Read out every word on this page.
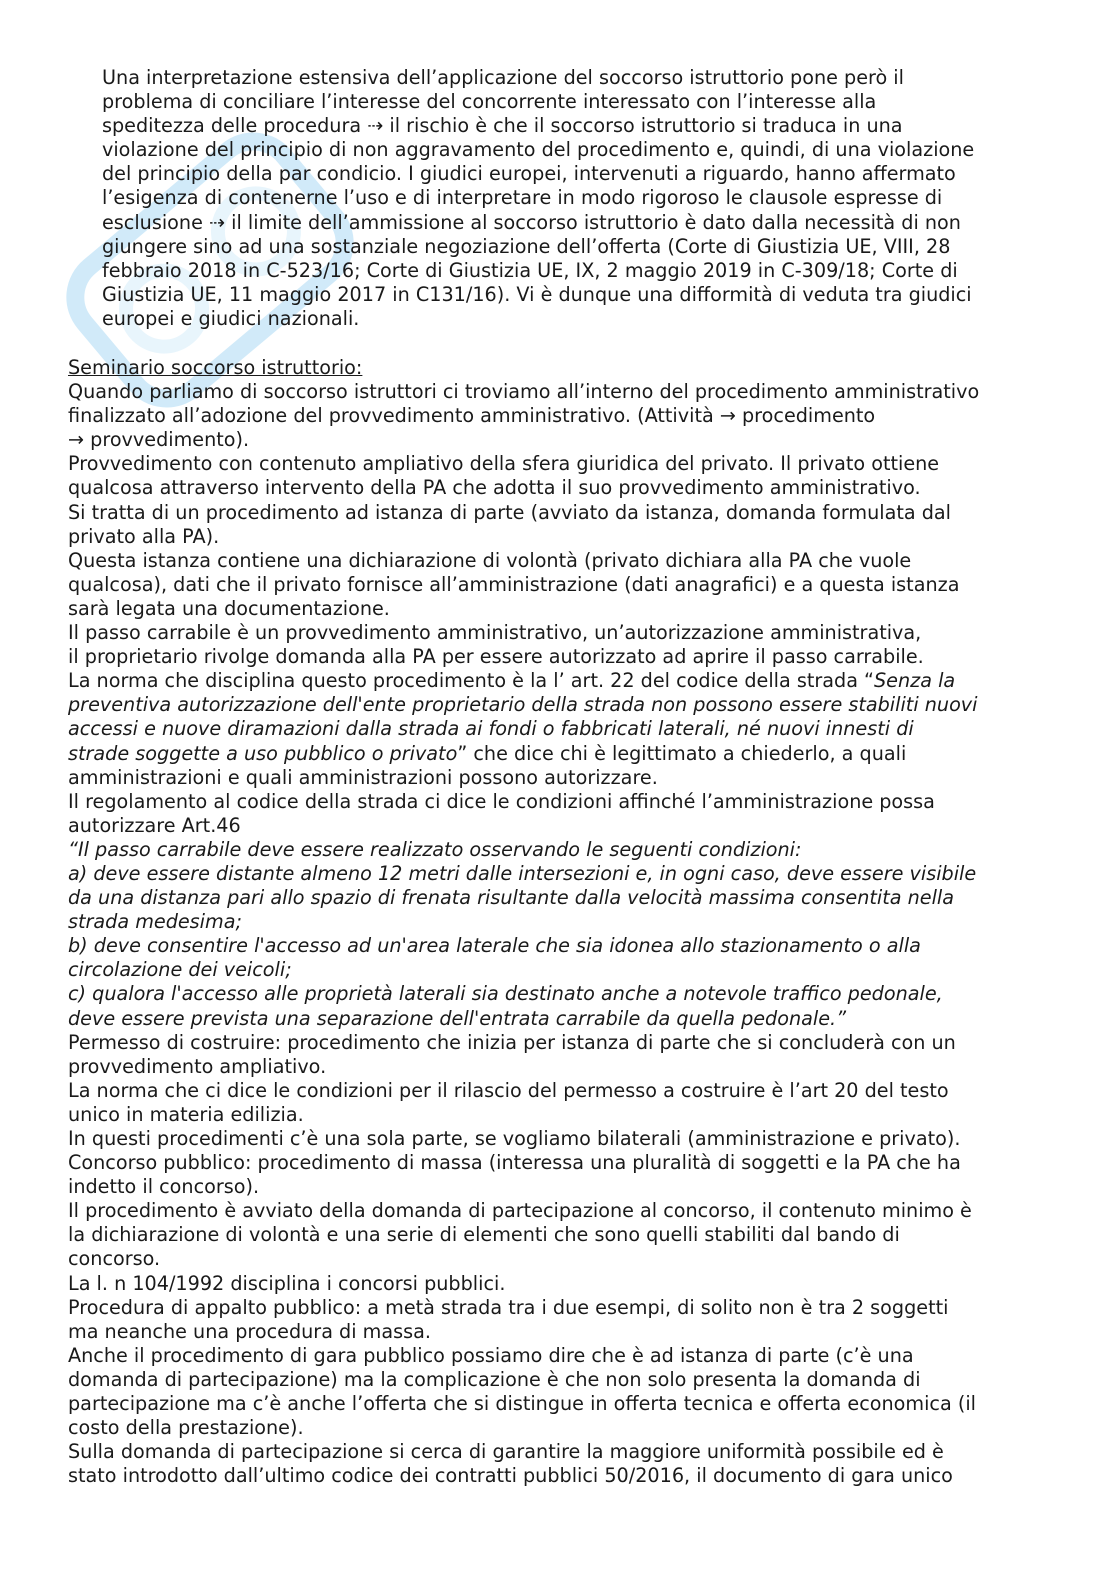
Una interpretazione estensiva dell’applicazione del soccorso istruttorio pone però il
problema di conciliare l’interesse del concorrente interessato con l’interesse alla
speditezza delle procedura ⇢ il rischio è che il soccorso istruttorio si traduca in una
violazione del principio di non aggravamento del procedimento e, quindi, di una violazione
del principio della par condicio. I giudici europei, intervenuti a riguardo, hanno affermato
l’esigenza di contenerne l’uso e di interpretare in modo rigoroso le clausole espresse di
esclusione ⇢ il limite dell’ammissione al soccorso istruttorio è dato dalla necessità di non
giungere sino ad una sostanziale negoziazione dell’offerta (Corte di Giustizia UE, VIII, 28
febbraio 2018 in C-523/16; Corte di Giustizia UE, IX, 2 maggio 2019 in C-309/18; Corte di
Giustizia UE, 11 maggio 2017 in C131/16). Vi è dunque una difformità di veduta tra giudici
europei e giudici nazionali.
Seminario soccorso istruttorio:
Quando parliamo di soccorso istruttori ci troviamo all’interno del procedimento amministrativo
finalizzato all’adozione del provvedimento amministrativo. (Attività → procedimento
→ provvedimento).
Provvedimento con contenuto ampliativo della sfera giuridica del privato. Il privato ottiene
qualcosa attraverso intervento della PA che adotta il suo provvedimento amministrativo.
Si tratta di un procedimento ad istanza di parte (avviato da istanza, domanda formulata dal
privato alla PA).
Questa istanza contiene una dichiarazione di volontà (privato dichiara alla PA che vuole
qualcosa), dati che il privato fornisce all’amministrazione (dati anagrafici) e a questa istanza
sarà legata una documentazione.
Il passo carrabile è un provvedimento amministrativo, un’autorizzazione amministrativa,
il proprietario rivolge domanda alla PA per essere autorizzato ad aprire il passo carrabile.
La norma che disciplina questo procedimento è la l’ art. 22 del codice della strada “Senza la
preventiva autorizzazione dell'ente proprietario della strada non possono essere stabiliti nuovi
accessi e nuove diramazioni dalla strada ai fondi o fabbricati laterali, né nuovi innesti di
strade soggette a uso pubblico o privato” che dice chi è legittimato a chiederlo, a quali
amministrazioni e quali amministrazioni possono autorizzare.
Il regolamento al codice della strada ci dice le condizioni affinché l’amministrazione possa
autorizzare Art.46
“Il passo carrabile deve essere realizzato osservando le seguenti condizioni:
a) deve essere distante almeno 12 metri dalle intersezioni e, in ogni caso, deve essere visibile
da una distanza pari allo spazio di frenata risultante dalla velocità massima consentita nella
strada medesima;
b) deve consentire l'accesso ad un'area laterale che sia idonea allo stazionamento o alla
circolazione dei veicoli;
c) qualora l'accesso alle proprietà laterali sia destinato anche a notevole traffico pedonale,
deve essere prevista una separazione dell'entrata carrabile da quella pedonale.”
Permesso di costruire: procedimento che inizia per istanza di parte che si concluderà con un
provvedimento ampliativo.
La norma che ci dice le condizioni per il rilascio del permesso a costruire è l’art 20 del testo
unico in materia edilizia.
In questi procedimenti c’è una sola parte, se vogliamo bilaterali (amministrazione e privato).
Concorso pubblico: procedimento di massa (interessa una pluralità di soggetti e la PA che ha
indetto il concorso).
Il procedimento è avviato della domanda di partecipazione al concorso, il contenuto minimo è
la dichiarazione di volontà e una serie di elementi che sono quelli stabiliti dal bando di
concorso.
La l. n 104/1992 disciplina i concorsi pubblici.
Procedura di appalto pubblico: a metà strada tra i due esempi, di solito non è tra 2 soggetti
ma neanche una procedura di massa.
Anche il procedimento di gara pubblico possiamo dire che è ad istanza di parte (c’è una
domanda di partecipazione) ma la complicazione è che non solo presenta la domanda di
partecipazione ma c’è anche l’offerta che si distingue in offerta tecnica e offerta economica (il
costo della prestazione).
Sulla domanda di partecipazione si cerca di garantire la maggiore uniformità possibile ed è
stato introdotto dall’ultimo codice dei contratti pubblici 50/2016, il documento di gara unico
